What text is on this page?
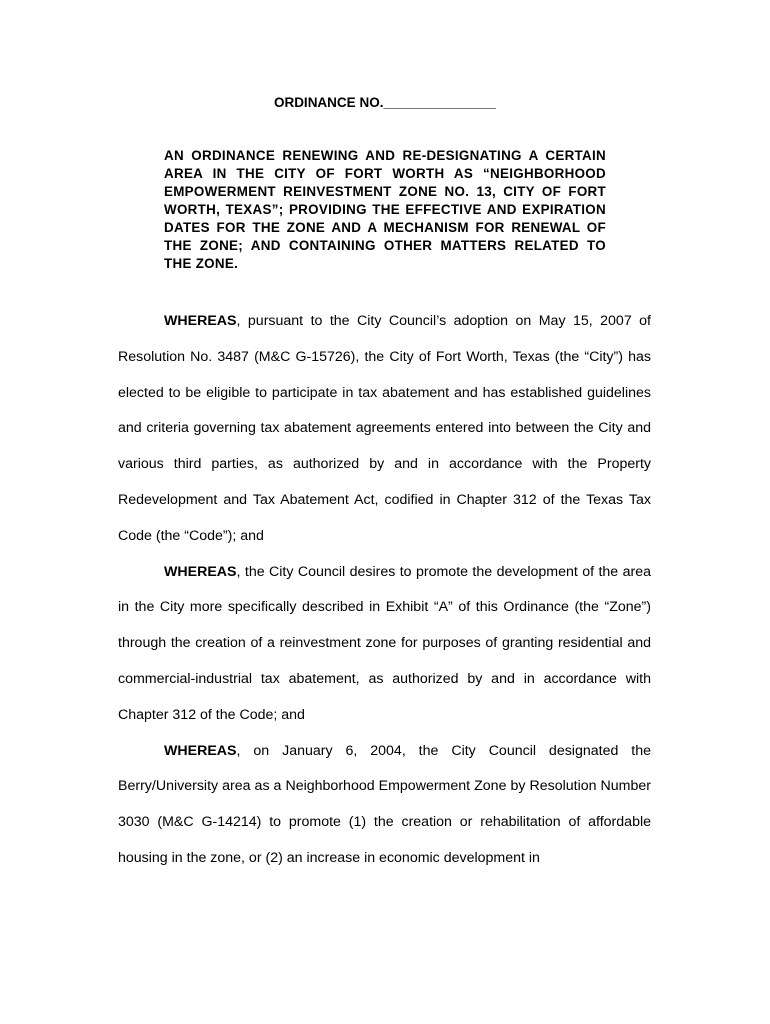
ORDINANCE NO._______________
AN ORDINANCE RENEWING AND RE-DESIGNATING A CERTAIN AREA IN THE CITY OF FORT WORTH AS “NEIGHBORHOOD EMPOWERMENT REINVESTMENT ZONE NO. 13, CITY OF FORT WORTH, TEXAS”; PROVIDING THE EFFECTIVE AND EXPIRATION DATES FOR THE ZONE AND A MECHANISM FOR RENEWAL OF THE ZONE; AND CONTAINING OTHER MATTERS RELATED TO THE ZONE.

WHEREAS, pursuant to the City Council’s adoption on May 15, 2007 of Resolution No. 3487 (M&C G-15726), the City of Fort Worth, Texas (the “City”) has elected to be eligible to participate in tax abatement and has established guidelines and criteria governing tax abatement agreements entered into between the City and various third parties, as authorized by and in accordance with the Property Redevelopment and Tax Abatement Act, codified in Chapter 312 of the Texas Tax Code (the “Code”); and

WHEREAS, the City Council desires to promote the development of the area in the City more specifically described in Exhibit “A” of this Ordinance (the “Zone”) through the creation of a reinvestment zone for purposes of granting residential and commercial-industrial tax abatement, as authorized by and in accordance with Chapter 312 of the Code; and

WHEREAS, on January 6, 2004, the City Council designated the Berry/University area as a Neighborhood Empowerment Zone by Resolution Number 3030 (M&C G-14214) to promote (1) the creation or rehabilitation of affordable housing in the zone, or (2) an increase in economic development in
